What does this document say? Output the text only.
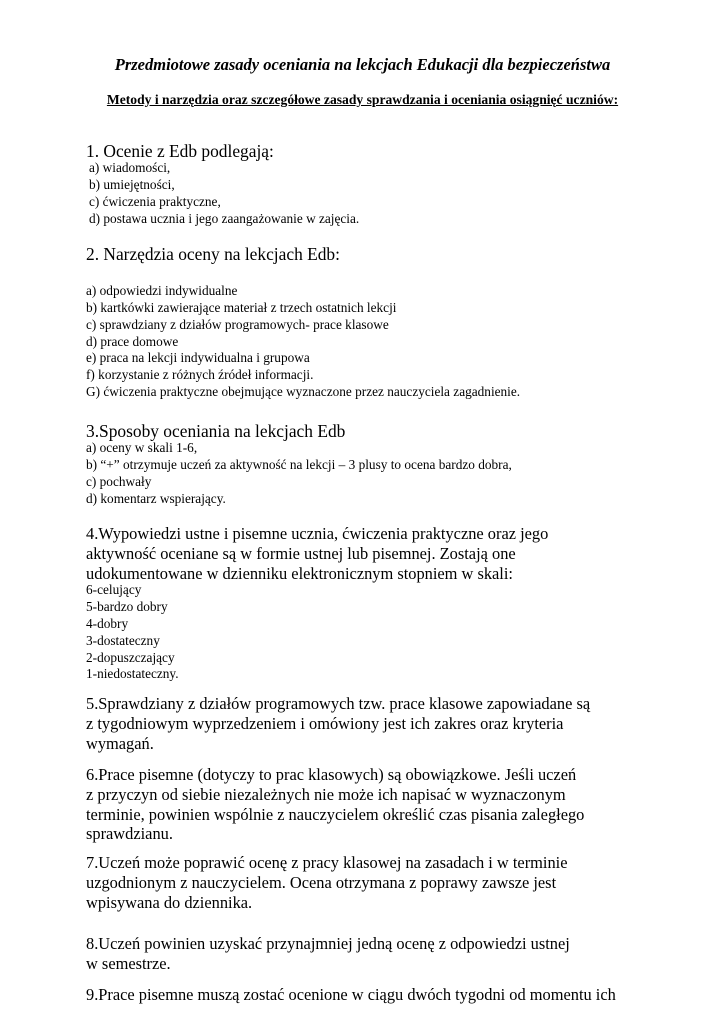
Przedmiotowe zasady oceniania na lekcjach Edukacji dla bezpieczeństwa
Metody i narzędzia oraz szczegółowe zasady sprawdzania i oceniania osiągnięć uczniów:
1. Ocenie z Edb podlegają:
a) wiadomości,
b) umiejętności,
c) ćwiczenia praktyczne,
d) postawa ucznia i jego zaangażowanie w zajęcia.
2. Narzędzia oceny na lekcjach Edb:
a) odpowiedzi indywidualne
b) kartkówki zawierające materiał z trzech ostatnich lekcji
c) sprawdziany z działów programowych- prace klasowe
d) prace domowe
e) praca na lekcji indywidualna i grupowa
f) korzystanie z różnych źródeł informacji.
G) ćwiczenia praktyczne obejmujące wyznaczone przez nauczyciela zagadnienie.
3.Sposoby oceniania na lekcjach Edb
a) oceny w skali 1-6,
b) “+” otrzymuje uczeń za aktywność na lekcji – 3 plusy to ocena bardzo dobra,
c) pochwały
d) komentarz wspierający.
4.Wypowiedzi ustne i pisemne ucznia, ćwiczenia praktyczne oraz jego
aktywność oceniane są w formie ustnej lub pisemnej. Zostają one
udokumentowane w dzienniku elektronicznym stopniem w skali:
6-celujący
5-bardzo dobry
4-dobry
3-dostateczny
2-dopuszczający
1-niedostateczny.
5.Sprawdziany z działów programowych tzw. prace klasowe zapowiadane są
z tygodniowym wyprzedzeniem i omówiony jest ich zakres oraz kryteria
wymagań.
6.Prace pisemne (dotyczy to prac klasowych) są obowiązkowe. Jeśli uczeń
z przyczyn od siebie niezależnych nie może ich napisać w wyznaczonym
terminie, powinien wspólnie z nauczycielem określić czas pisania zaległego
sprawdzianu.
7.Uczeń może poprawić ocenę z pracy klasowej na zasadach i w terminie
uzgodnionym z nauczycielem. Ocena otrzymana z poprawy zawsze jest
wpisywana do dziennika.
8.Uczeń powinien uzyskać przynajmniej jedną ocenę z odpowiedzi ustnej
w semestrze.
9.Prace pisemne muszą zostać ocenione w ciągu dwóch tygodni od momentu ich
